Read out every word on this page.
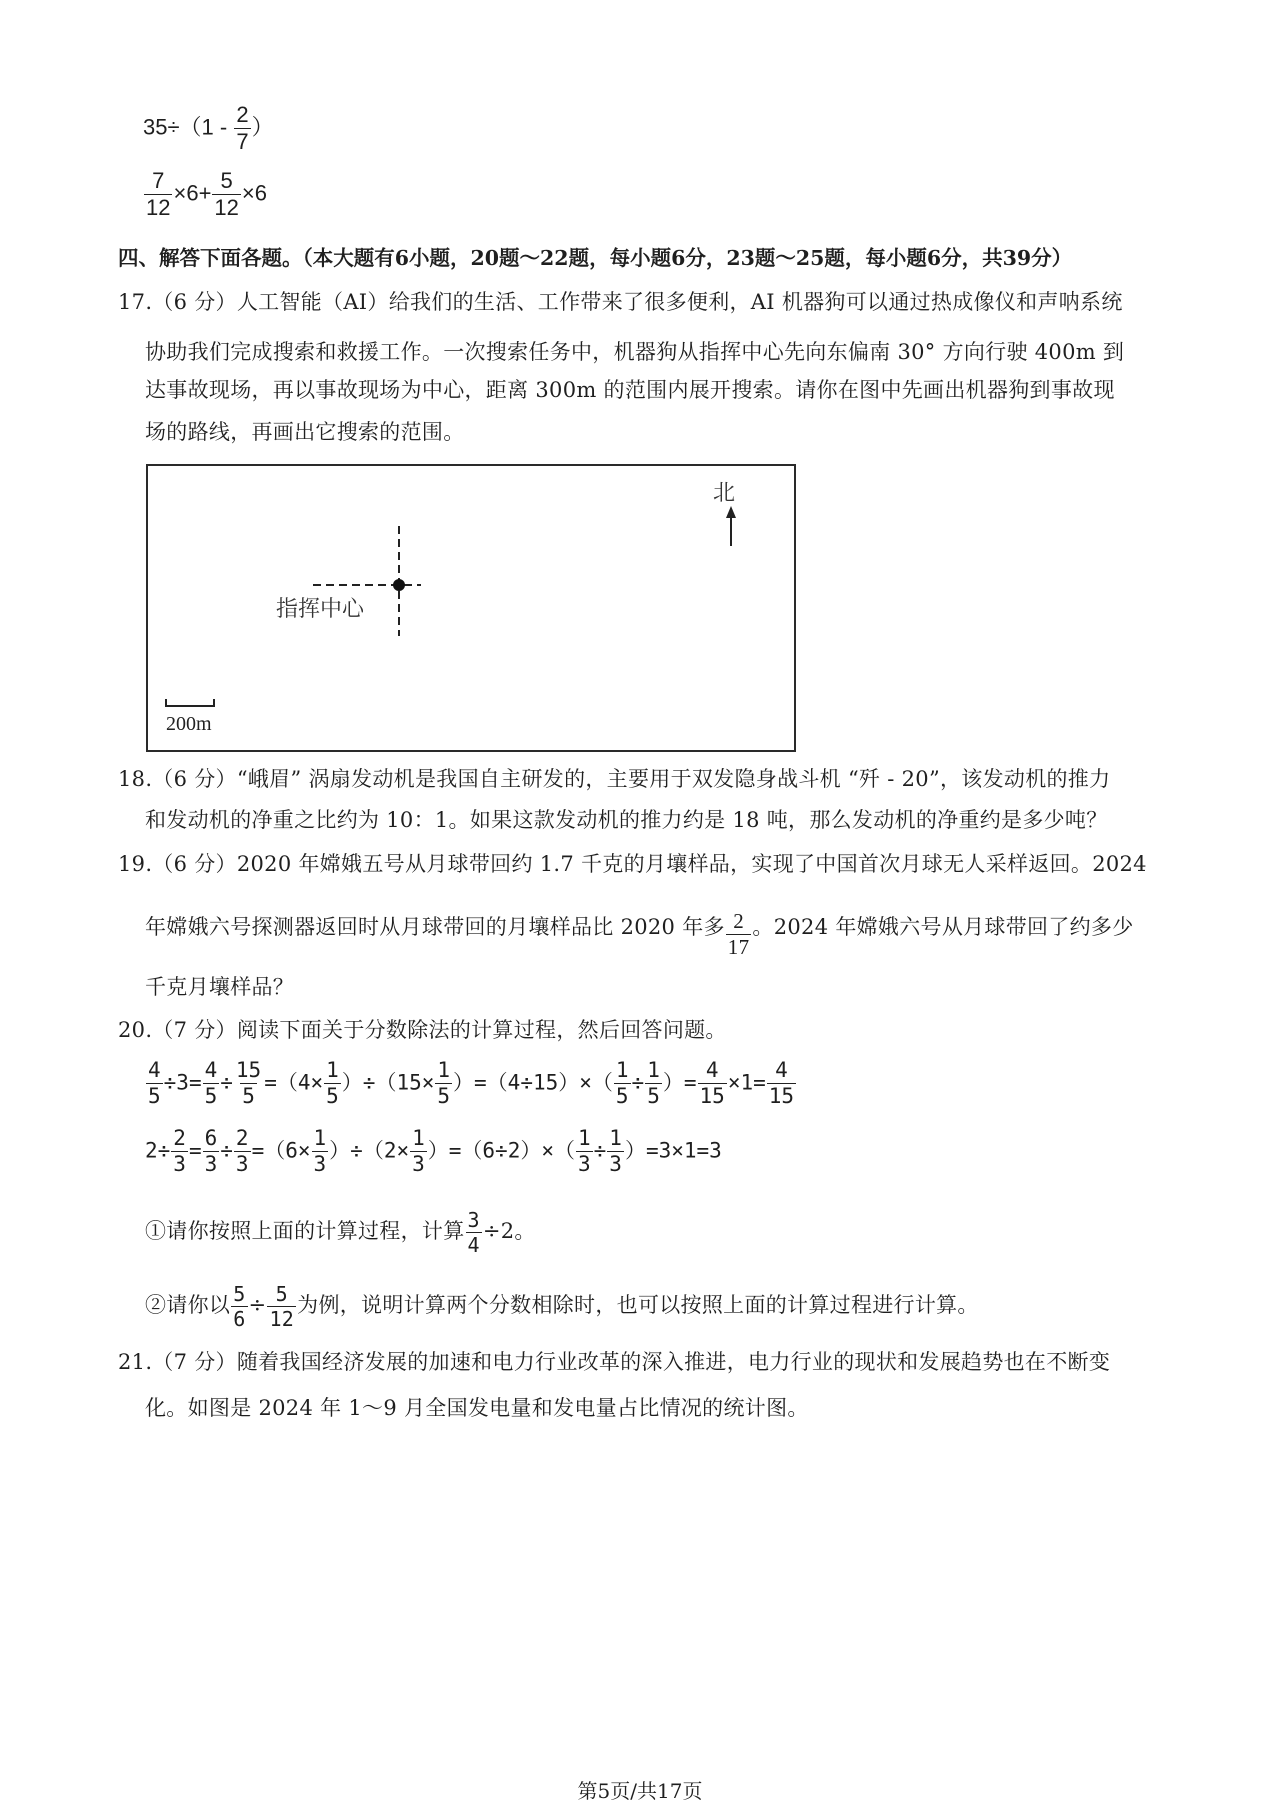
$35\div(1 - \frac{2}{7}$ ）
$\frac{7}{12} \times 6+ \frac{5}{12} \times 6$
四、解答下面各题。（本大题有6小题，20题～22题，每小题6分，23题～25题，每小题6分，共39分）
17.（6 分）人工智能（AI）给我们的生活、工作带来了很多便利，AI 机器狗可以通过热成像仪和声呐系统
协助我们完成搜索和救援工作。一次搜索任务中，机器狗从指挥中心先向东偏南 30° 方向行驶 400m 到
达事故现场，再以事故现场为中心，距离 300m 的范围内展开搜索。请你在图中先画出机器狗到事故现
场的路线，再画出它搜索的范围。
北
指挥中心
200m
18.（6 分）“峨眉” 涡扇发动机是我国自主研发的，主要用于双发隐身战斗机 “歼 - 20”，该发动机的推力
和发动机的净重之比约为 10：1。如果这款发动机的推力约是 18 吨，那么发动机的净重约是多少吨？
19.（6 分）2020 年嫦娥五号从月球带回约 1.7 千克的月壤样品，实现了中国首次月球无人采样返回。2024
年嫦娥六号探测器返回时从月球带回的月壤样品比 2020 年多 $\frac{2}{17}$ 。2024 年嫦娥六号从月球带回了约多少
千克月壤样品？
20.（7 分）阅读下面关于分数除法的计算过程，然后回答问题。
$\frac{4}{5} \div 3= \frac{4}{5} \div \frac{15}{5} =(4\times \frac{1}{5} )\div(15\times \frac{1}{5} )=(4\div 15)\times( \frac{1}{5} \div \frac{1}{5}$ ）= $\frac{4}{15} \times 1= \frac{4}{15}$
$2\div \frac{2}{3} = \frac{6}{3} \div \frac{2}{3} =(6\times \frac{1}{3} )\div(2\times \frac{1}{3} )=(6\div 2)\times( \frac{1}{3} \div \frac{1}{3} )=3\times 1=3$
①请你按照上面的计算过程，计算 $\frac{3}{4} \div 2$。
②请你以 $\frac{5}{6} \div \frac{5}{12}$ 为例，说明计算两个分数相除时，也可以按照上面的计算过程进行计算。
21.（7 分）随着我国经济发展的加速和电力行业改革的深入推进，电力行业的现状和发展趋势也在不断变
化。如图是 2024 年 1～9 月全国发电量和发电量占比情况的统计图。
第5页/共17页
